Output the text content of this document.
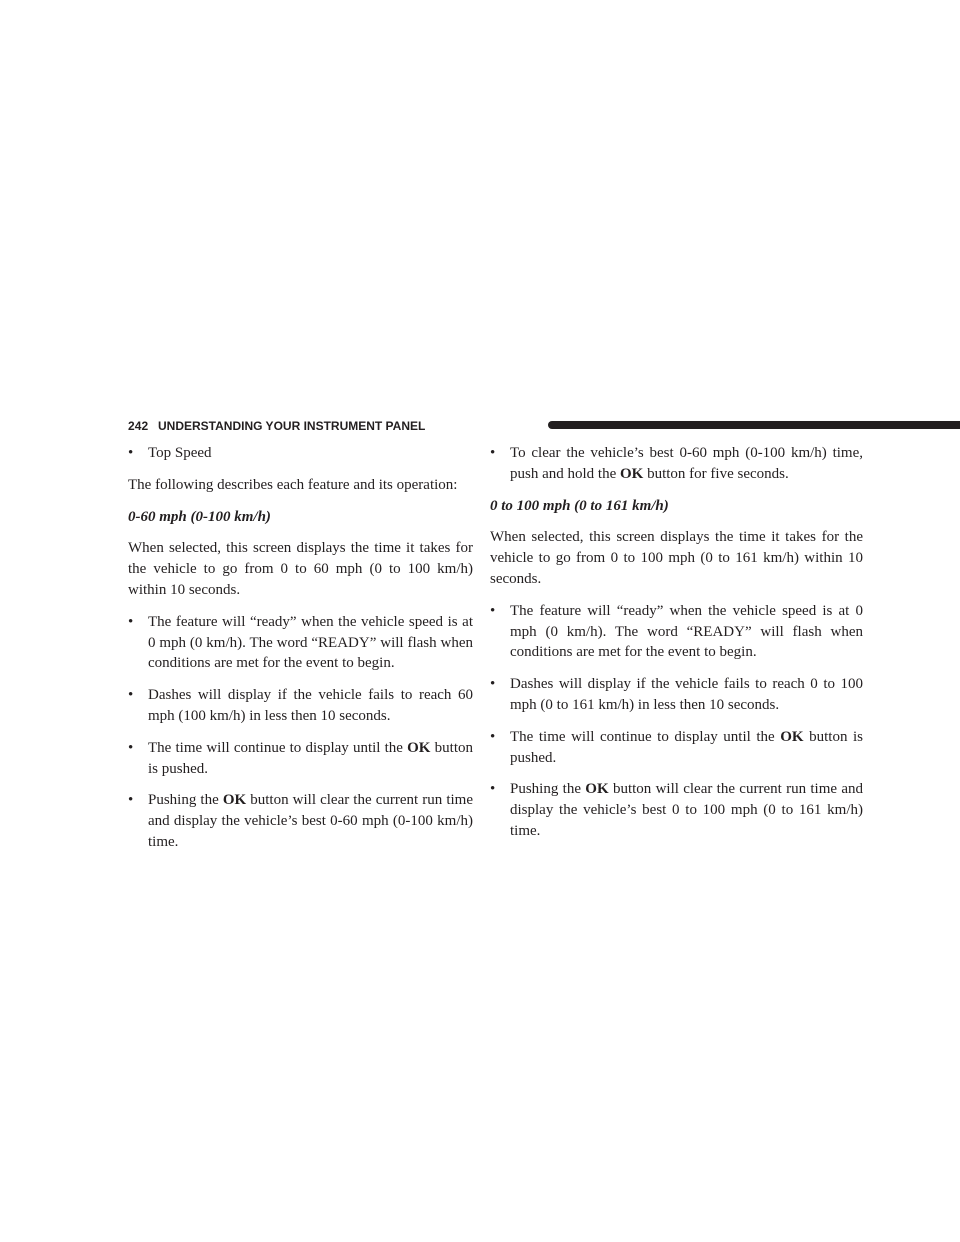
242 UNDERSTANDING YOUR INSTRUMENT PANEL
• Top Speed

The following describes each feature and its operation:

0-60 mph (0-100 km/h)

When selected, this screen displays the time it takes for the vehicle to go from 0 to 60 mph (0 to 100 km/h) within 10 seconds.

• The feature will “ready” when the vehicle speed is at 0 mph (0 km/h). The word “READY” will flash when conditions are met for the event to begin.
• Dashes will display if the vehicle fails to reach 60 mph (100 km/h) in less then 10 seconds.
• The time will continue to display until the OK button is pushed.
• Pushing the OK button will clear the current run time and display the vehicle’s best 0-60 mph (0-100 km/h) time.
• To clear the vehicle’s best 0-60 mph (0-100 km/h) time, push and hold the OK button for five seconds.
0 to 100 mph (0 to 161 km/h)

When selected, this screen displays the time it takes for the vehicle to go from 0 to 100 mph (0 to 161 km/h) within 10 seconds.

• The feature will “ready” when the vehicle speed is at 0 mph (0 km/h). The word “READY” will flash when conditions are met for the event to begin.
• Dashes will display if the vehicle fails to reach 0 to 100 mph (0 to 161 km/h) in less then 10 seconds.
• The time will continue to display until the OK button is pushed.
• Pushing the OK button will clear the current run time and display the vehicle’s best 0 to 100 mph (0 to 161 km/h) time.
